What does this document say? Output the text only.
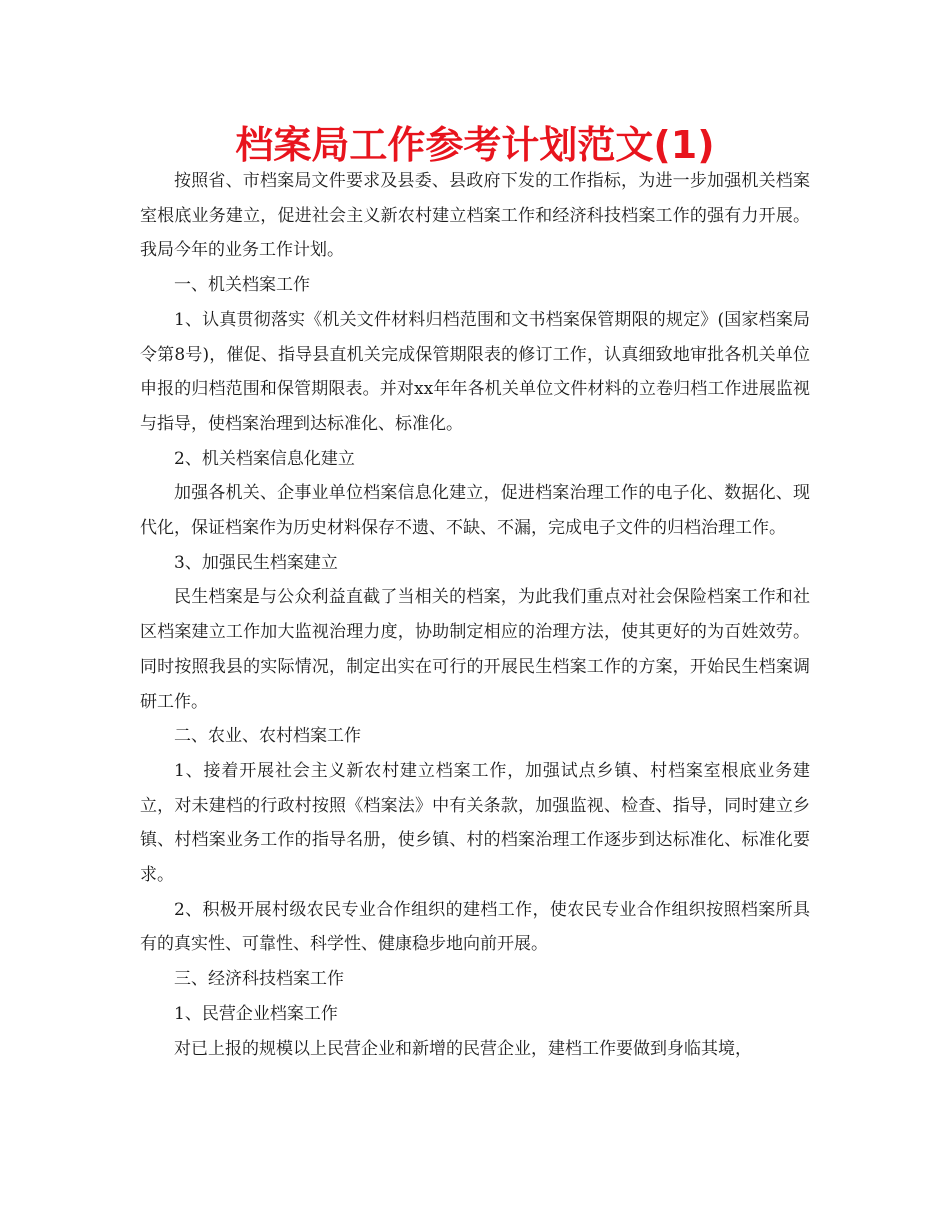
档案局工作参考计划范文(1)

按照省、市档案局文件要求及县委、县政府下发的工作指标，为进一步加强机关档案室根底业务建立，促进社会主义新农村建立档案工作和经济科技档案工作的强有力开展。我局今年的业务工作计划。

一、机关档案工作

1、认真贯彻落实《机关文件材料归档范围和文书档案保管期限的规定》(国家档案局令第8号)，催促、指导县直机关完成保管期限表的修订工作，认真细致地审批各机关单位申报的归档范围和保管期限表。并对xx年年各机关单位文件材料的立卷归档工作进展监视与指导，使档案治理到达标准化、标准化。

2、机关档案信息化建立

加强各机关、企事业单位档案信息化建立，促进档案治理工作的电子化、数据化、现代化，保证档案作为历史材料保存不遗、不缺、不漏，完成电子文件的归档治理工作。

3、加强民生档案建立

民生档案是与公众利益直截了当相关的档案，为此我们重点对社会保险档案工作和社区档案建立工作加大监视治理力度，协助制定相应的治理方法，使其更好的为百姓效劳。同时按照我县的实际情况，制定出实在可行的开展民生档案工作的方案，开始民生档案调研工作。

二、农业、农村档案工作

1、接着开展社会主义新农村建立档案工作，加强试点乡镇、村档案室根底业务建立，对未建档的行政村按照《档案法》中有关条款，加强监视、检查、指导，同时建立乡镇、村档案业务工作的指导名册，使乡镇、村的档案治理工作逐步到达标准化、标准化要求。

2、积极开展村级农民专业合作组织的建档工作，使农民专业合作组织按照档案所具有的真实性、可靠性、科学性、健康稳步地向前开展。

三、经济科技档案工作

1、民营企业档案工作

对已上报的规模以上民营企业和新增的民营企业，建档工作要做到身临其境，
